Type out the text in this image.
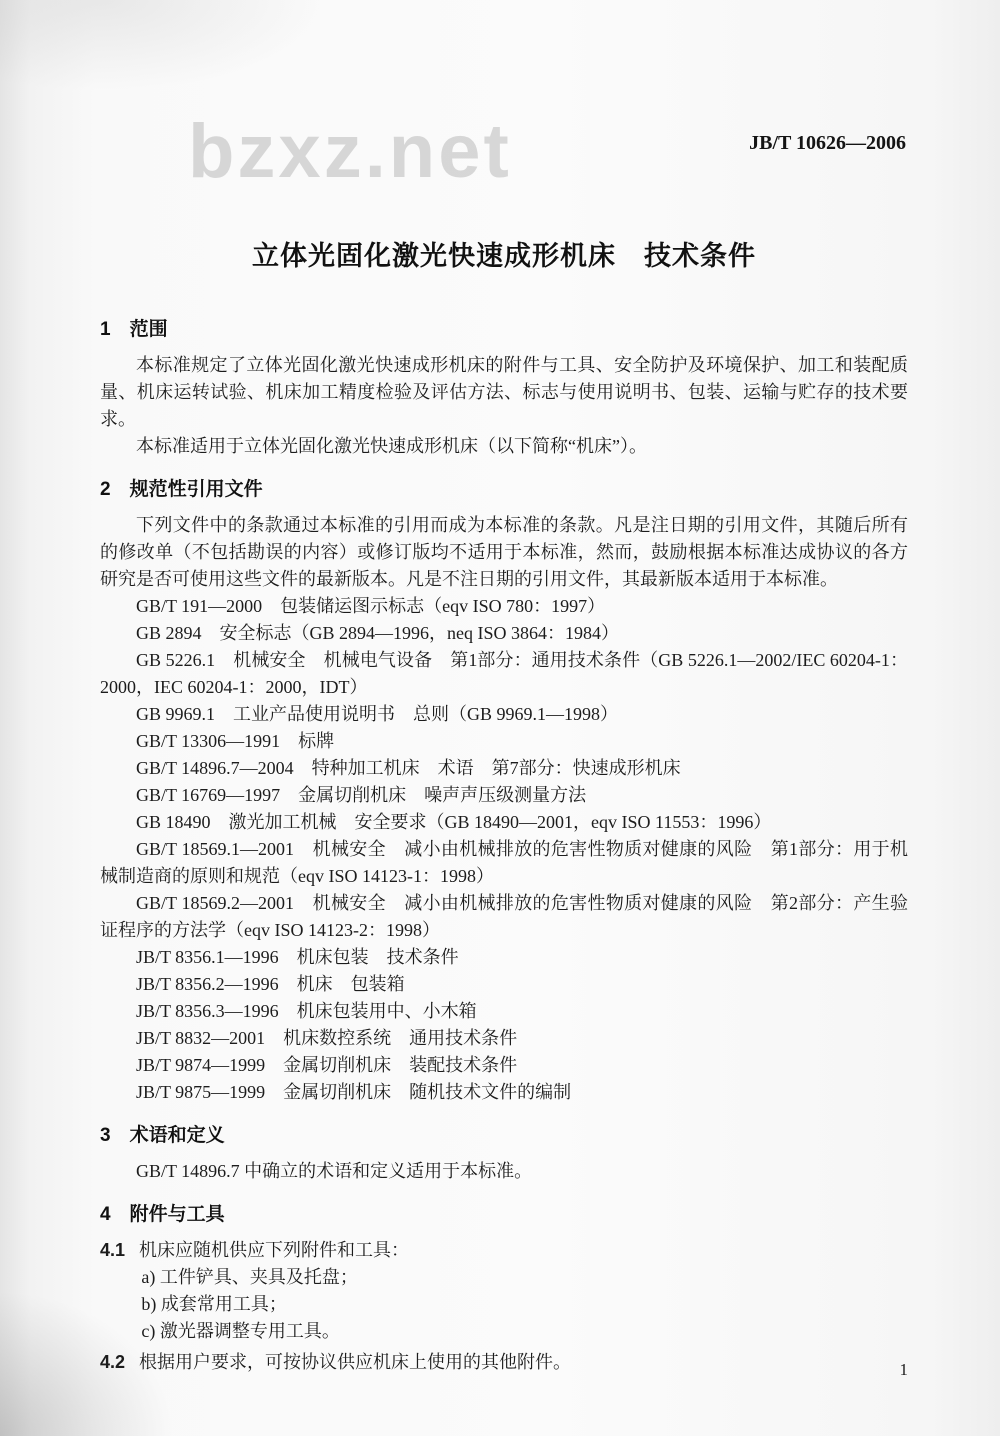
bzxz.net	JB/T 10626—2006
立体光固化激光快速成形机床　技术条件
1　范围

本标准规定了立体光固化激光快速成形机床的附件与工具、安全防护及环境保护、加工和装配质量、机床运转试验、机床加工精度检验及评估方法、标志与使用说明书、包装、运输与贮存的技术要求。

本标准适用于立体光固化激光快速成形机床（以下简称“机床”）。

2　规范性引用文件

下列文件中的条款通过本标准的引用而成为本标准的条款。凡是注日期的引用文件，其随后所有的修改单（不包括勘误的内容）或修订版均不适用于本标准，然而，鼓励根据本标准达成协议的各方研究是否可使用这些文件的最新版本。凡是不注日期的引用文件，其最新版本适用于本标准。

GB/T 191—2000　包装储运图示标志（eqv ISO 780：1997）

GB 2894　安全标志（GB 2894—1996，neq ISO 3864：1984）

GB 5226.1　机械安全　机械电气设备　第1部分：通用技术条件（GB 5226.1—2002/IEC 60204-1：2000，IEC 60204-1：2000，IDT）

GB 9969.1　工业产品使用说明书　总则（GB 9969.1—1998）

GB/T 13306—1991　标牌

GB/T 14896.7—2004　特种加工机床　术语　第7部分：快速成形机床

GB/T 16769—1997　金属切削机床　噪声声压级测量方法

GB 18490　激光加工机械　安全要求（GB 18490—2001，eqv ISO 11553：1996）

GB/T 18569.1—2001　机械安全　减小由机械排放的危害性物质对健康的风险　第1部分：用于机械制造商的原则和规范（eqv ISO 14123-1：1998）

GB/T 18569.2—2001　机械安全　减小由机械排放的危害性物质对健康的风险　第2部分：产生验证程序的方法学（eqv ISO 14123-2：1998）

JB/T 8356.1—1996　机床包装　技术条件

JB/T 8356.2—1996　机床　包装箱

JB/T 8356.3—1996　机床包装用中、小木箱

JB/T 8832—2001　机床数控系统　通用技术条件

JB/T 9874—1999　金属切削机床　装配技术条件

JB/T 9875—1999　金属切削机床　随机技术文件的编制

3　术语和定义

GB/T 14896.7 中确立的术语和定义适用于本标准。

4　附件与工具

4.1 机床应随机供应下列附件和工具：

a) 工件铲具、夹具及托盘；

b) 成套常用工具；

c) 激光器调整专用工具。

4.2 根据用户要求，可按协议供应机床上使用的其他附件。	1
